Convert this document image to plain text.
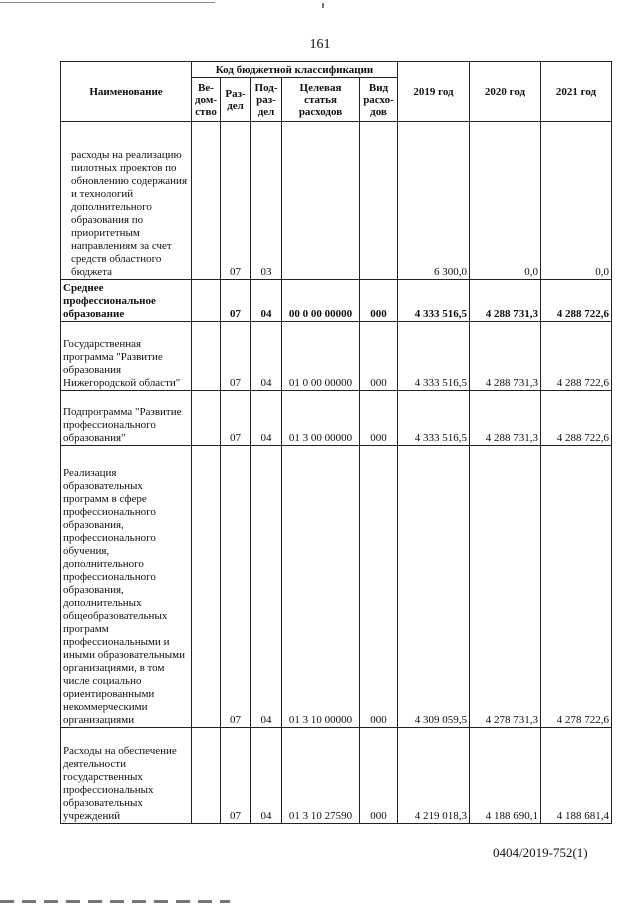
161
Наименование	Код бюджетной классификации					2019 год	2020 год	2021 год
	Ве-дом-ство	Раз-дел	Под-раз-дел	Целевая статья расходов	Вид расхо-дов			
расходы на реализацию пилотных проектов по обновлению содержания и технологий дополнительного образования по приоритетным направлениям за счет средств областного бюджета		07	03			6 300,0	0,0	0,0
Среднее профессиональное образование		07	04	00 0 00 00000	000	4 333 516,5	4 288 731,3	4 288 722,6
Государственная программа "Развитие образования Нижегородской области"		07	04	01 0 00 00000	000	4 333 516,5	4 288 731,3	4 288 722,6
Подпрограмма "Развитие профессионального образования"		07	04	01 3 00 00000	000	4 333 516,5	4 288 731,3	4 288 722,6
Реализация образовательных программ в сфере профессионального образования, профессионального обучения, дополнительного профессионального образования, дополнительных общеобразовательных программ профессиональными и иными образовательными организациями, в том числе социально ориентированными некоммерческими организациями		07	04	01 3 10 00000	000	4 309 059,5	4 278 731,3	4 278 722,6
Расходы на обеспечение деятельности государственных профессиональных образовательных учреждений		07	04	01 3 10 27590	000	4 219 018,3	4 188 690,1	4 188 681,4
0404/2019-752(1)
